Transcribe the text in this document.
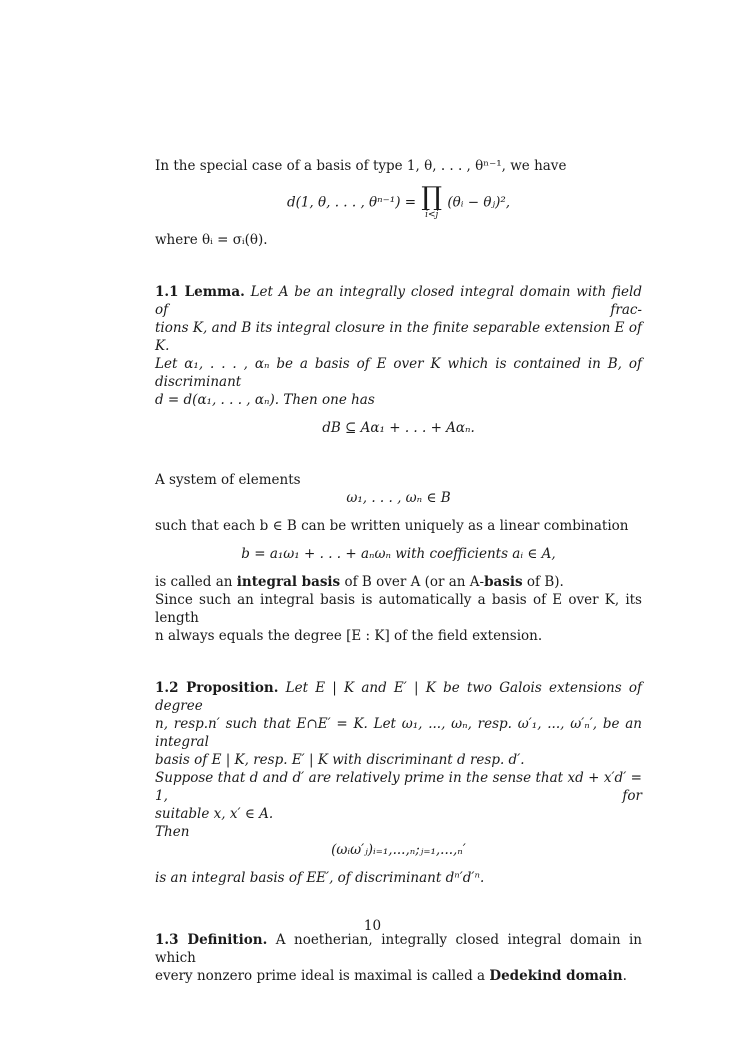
In the special case of a basis of type 1, θ, . . . , θⁿ⁻¹, we have
d(1, θ, . . . , θⁿ⁻¹) = ∏
i<j
(θᵢ − θⱼ)²,
where θᵢ = σᵢ(θ).
1.1 Lemma. Let A be an integrally closed integral domain with field of frac-
tions K, and B its integral closure in the finite separable extension E of K.
Let α₁, . . . , αₙ be a basis of E over K which is contained in B, of discriminant
d = d(α₁, . . . , αₙ). Then one has
dB ⊆ Aα₁ + . . . + Aαₙ.
A system of elements
ω₁, . . . , ωₙ ∈ B
such that each b ∈ B can be written uniquely as a linear combination
b = a₁ω₁ + . . . + aₙωₙ with coefficients aᵢ ∈ A,
is called an integral basis of B over A (or an A-basis of B).
Since such an integral basis is automatically a basis of E over K, its length
n always equals the degree [E : K] of the field extension.
1.2 Proposition. Let E | K and E′ | K be two Galois extensions of degree
n, resp.n′ such that E∩E′ = K. Let ω₁, ..., ωₙ, resp. ω′₁, ..., ω′ₙ′, be an integral
basis of E | K, resp. E′ | K with discriminant d resp. d′.
Suppose that d and d′ are relatively prime in the sense that xd + x′d′ = 1, for
suitable x, x′ ∈ A.
Then
(ωᵢω′ⱼ)ᵢ₌₁,...,ₙ;ⱼ₌₁,...,ₙ′
is an integral basis of EE′, of discriminant dⁿ′d′ⁿ.
1.3 Definition. A noetherian, integrally closed integral domain in which
every nonzero prime ideal is maximal is called a Dedekind domain.
10
